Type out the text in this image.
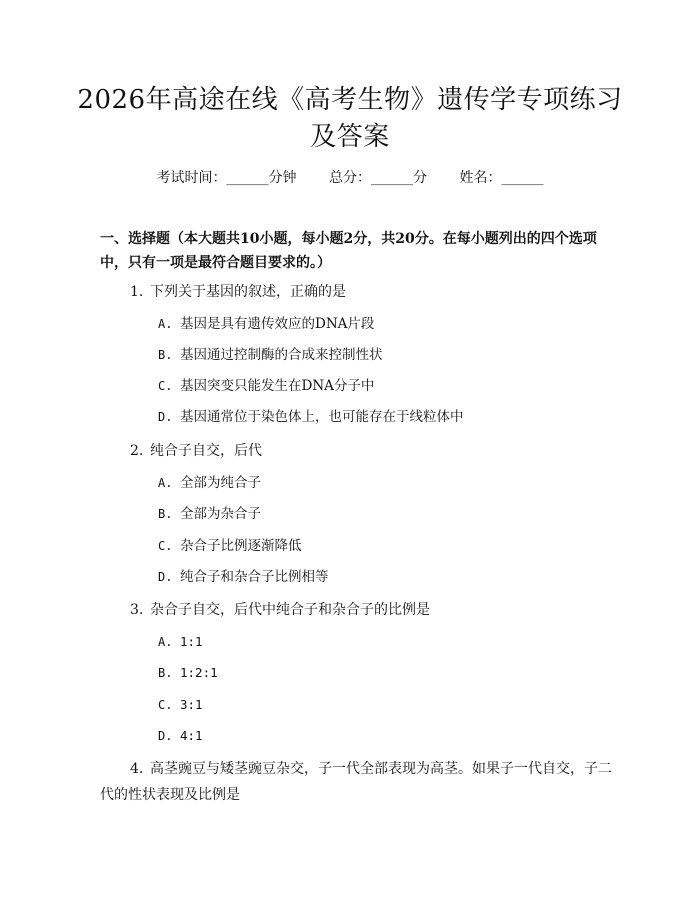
2026年高途在线《高考生物》遗传学专项练习及答案
考试时间：______分钟 总分：______分 姓名：______

一、选择题（本大题共10小题，每小题2分，共20分。在每小题列出的四个选项中，只有一项是最符合题目要求的。）

1. 下列关于基因的叙述，正确的是
A. 基因是具有遗传效应的DNA片段
B. 基因通过控制酶的合成来控制性状
C. 基因突变只能发生在DNA分子中
D. 基因通常位于染色体上，也可能存在于线粒体中
2. 纯合子自交，后代
A. 全部为纯合子
B. 全部为杂合子
C. 杂合子比例逐渐降低
D. 纯合子和杂合子比例相等
3. 杂合子自交，后代中纯合子和杂合子的比例是
A. 1:1
B. 1:2:1
C. 3:1
D. 4:1
4. 高茎豌豆与矮茎豌豆杂交，子一代全部表现为高茎。如果子一代自交，子二代的性状表现及比例是
